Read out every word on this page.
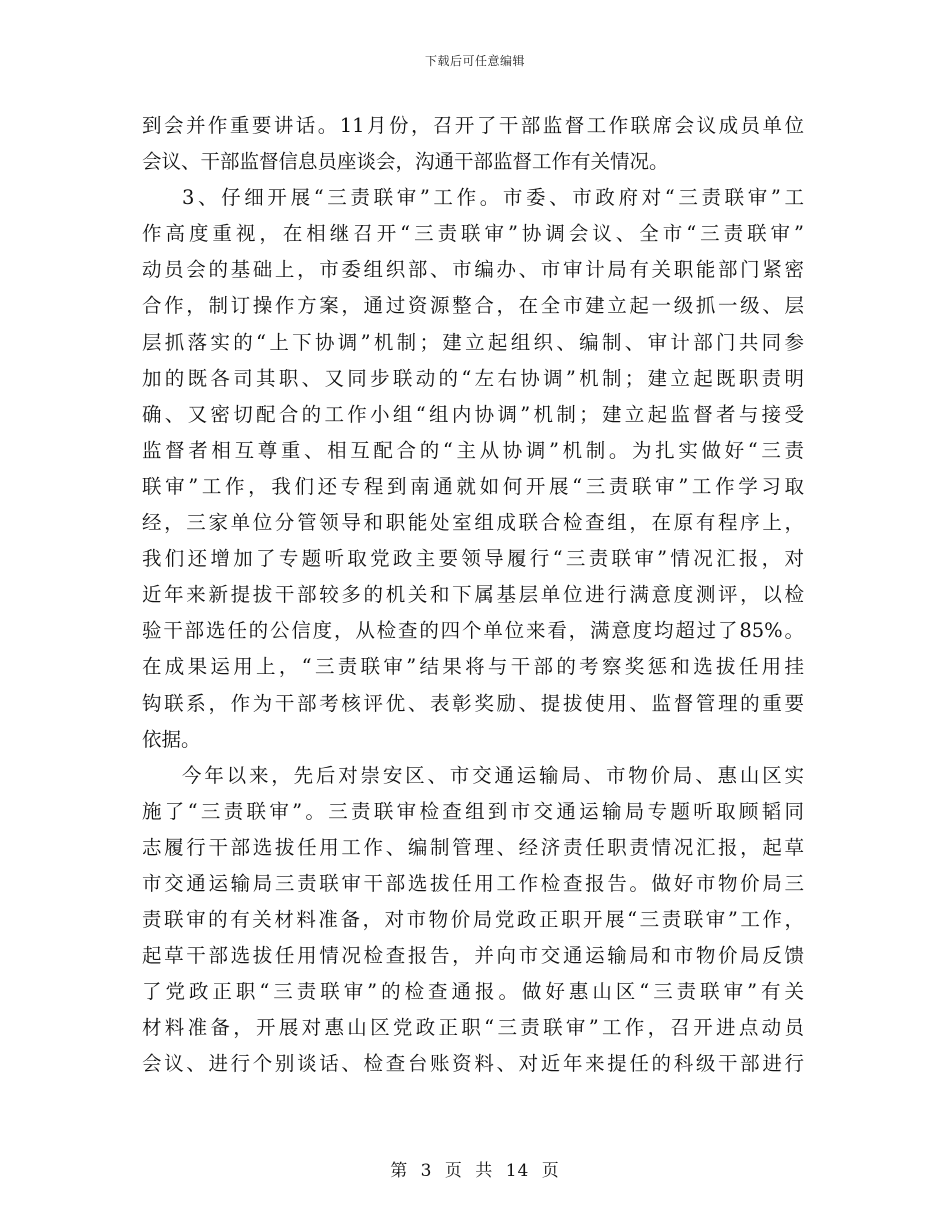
下载后可任意编辑
到会并作重要讲话。11月份，召开了干部监督工作联席会议成员单位
会议、干部监督信息员座谈会，沟通干部监督工作有关情况。
3、仔细开展“三责联审”工作。市委、市政府对“三责联审”工
作高度重视，在相继召开“三责联审”协调会议、全市“三责联审”
动员会的基础上，市委组织部、市编办、市审计局有关职能部门紧密
合作，制订操作方案，通过资源整合，在全市建立起一级抓一级、层
层抓落实的“上下协调”机制；建立起组织、编制、审计部门共同参
加的既各司其职、又同步联动的“左右协调”机制；建立起既职责明
确、又密切配合的工作小组“组内协调”机制；建立起监督者与接受
监督者相互尊重、相互配合的“主从协调”机制。为扎实做好“三责
联审”工作，我们还专程到南通就如何开展“三责联审”工作学习取
经，三家单位分管领导和职能处室组成联合检查组，在原有程序上，
我们还增加了专题听取党政主要领导履行“三责联审”情况汇报，对
近年来新提拔干部较多的机关和下属基层单位进行满意度测评，以检
验干部选任的公信度，从检查的四个单位来看，满意度均超过了85%。
在成果运用上，“三责联审”结果将与干部的考察奖惩和选拔任用挂
钩联系，作为干部考核评优、表彰奖励、提拔使用、监督管理的重要
依据。
今年以来，先后对崇安区、市交通运输局、市物价局、惠山区实
施了“三责联审”。三责联审检查组到市交通运输局专题听取顾韬同
志履行干部选拔任用工作、编制管理、经济责任职责情况汇报，起草
市交通运输局三责联审干部选拔任用工作检查报告。做好市物价局三
责联审的有关材料准备，对市物价局党政正职开展“三责联审”工作，
起草干部选拔任用情况检查报告，并向市交通运输局和市物价局反馈
了党政正职“三责联审”的检查通报。做好惠山区“三责联审”有关
材料准备，开展对惠山区党政正职“三责联审”工作，召开进点动员
会议、进行个别谈话、检查台账资料、对近年来提任的科级干部进行
第 3 页 共 14 页
